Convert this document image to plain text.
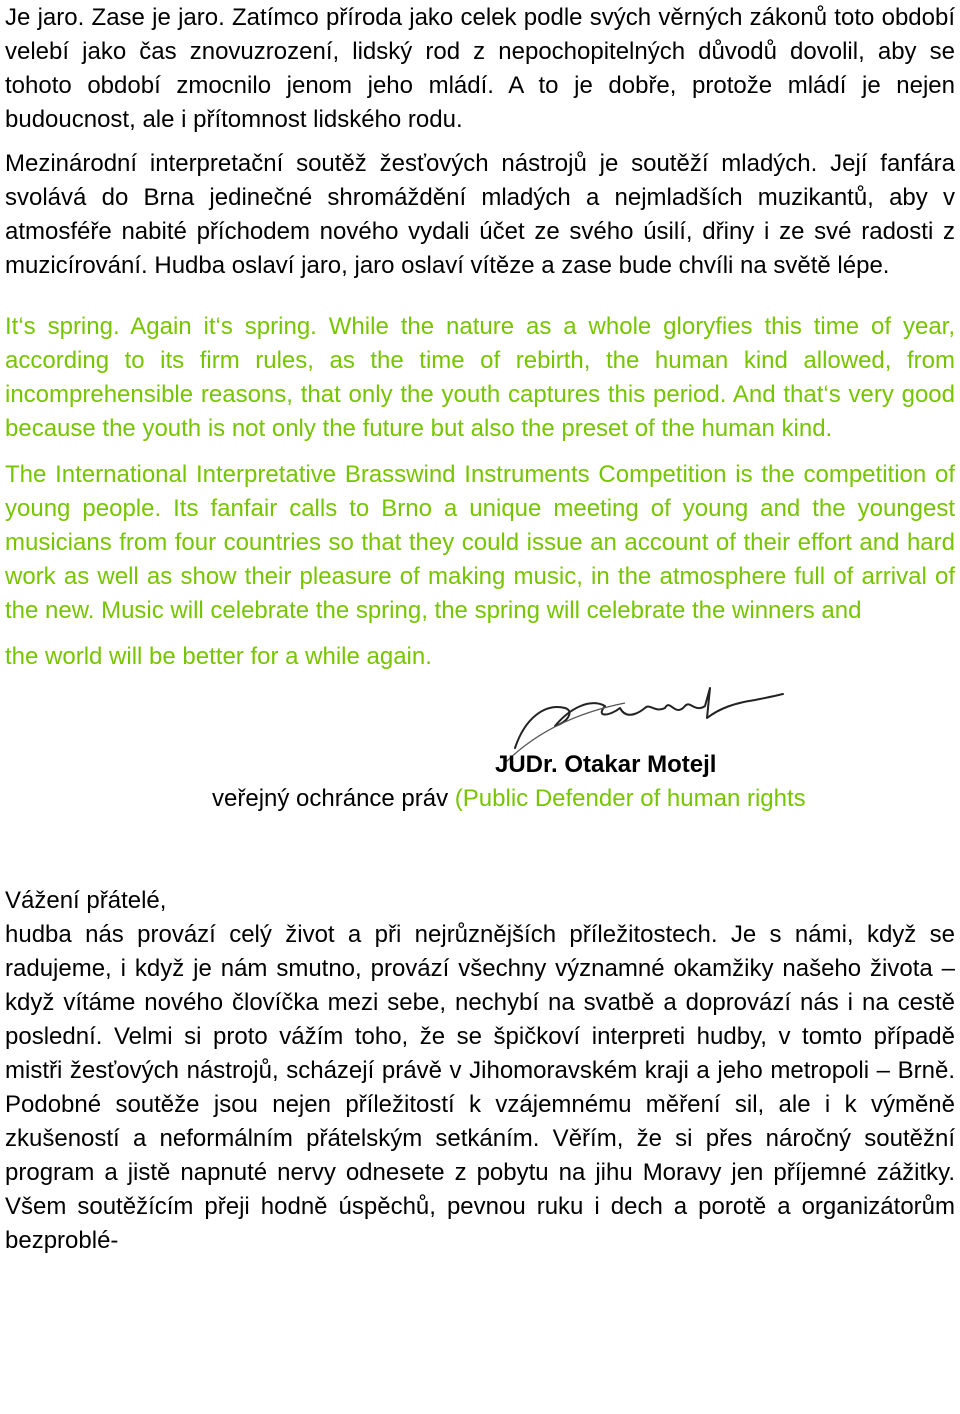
Je jaro. Zase je jaro. Zatímco příroda jako celek podle svých věrných zákonů toto období velebí jako čas znovuzrození, lidský rod z nepochopitelných důvodů dovolil, aby se tohoto období zmocnilo jenom jeho mládí. A to je dobře, protože mládí je nejen budoucnost, ale i přítomnost lidského rodu.

Mezinárodní interpretační soutěž žesťových nástrojů je soutěží mladých. Její fanfára svolává do Brna jedinečné shromáždění mladých a nejmladších muzikantů, aby v atmosféře nabité příchodem nového vydali účet ze svého úsilí, dřiny i ze své radosti z muzicírování. Hudba oslaví jaro, jaro oslaví vítěze a zase bude chvíli na světě lépe.

It‘s spring. Again it‘s spring. While the nature as a whole gloryfies this time of year, according to its firm rules, as the time of rebirth, the human kind allowed, from incomprehensible reasons, that only the youth captures this period. And that‘s very good because the youth is not only the future but also the preset of the human kind.

The International Interpretative Brasswind Instruments Competition is the competition of young people. Its fanfair calls to Brno a unique meeting of young and the youngest musicians from four countries so that they could issue an account of their effort and hard work as well as show their pleasure of making music, in the atmosphere full of arrival of the new. Music will celebrate the spring, the spring will celebrate the winners and

the world will be better for a while again.

JUDr. Otakar Motejl
veřejný ochránce práv (Public Defender of human rights

Vážení přátelé,

hudba nás provází celý život a při nejrůznějších příležitostech. Je s námi, když se radujeme, i když je nám smutno, provází všechny významné okamžiky našeho života – když vítáme nového človíčka mezi sebe, nechybí na svatbě a doprovází nás i na cestě poslední. Velmi si proto vážím toho, že se špičkoví interpreti hudby, v tomto případě mistři žesťových nástrojů, scházejí právě v Jihomoravském kraji a jeho metropoli – Brně. Podobné soutěže jsou nejen příležitostí k vzájemnému měření sil, ale i k výměně zkušeností a neformálním přátelským setkáním. Věřím, že si přes náročný soutěžní program a jistě napnuté nervy odnesete z pobytu na jihu Moravy jen příjemné zážitky. Všem soutěžícím přeji hodně úspěchů, pevnou ruku i dech a porotě a organizátorům bezproblé-
